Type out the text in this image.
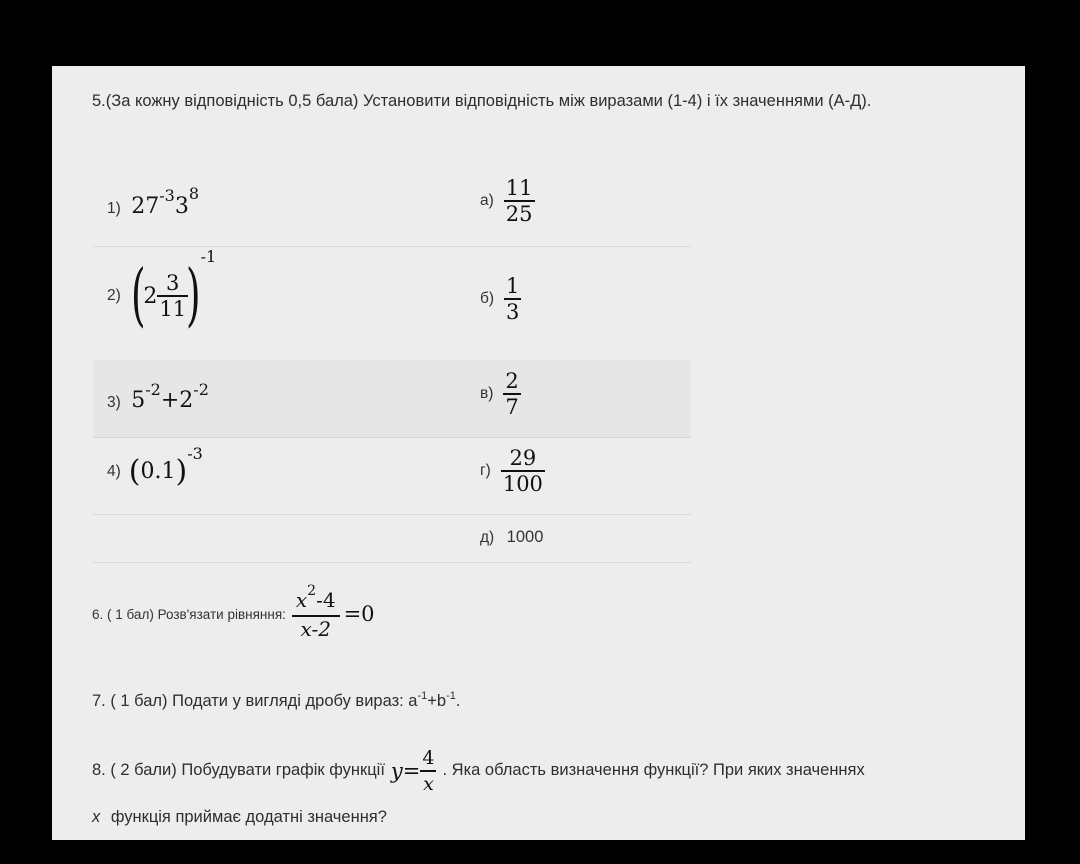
5.(За кожну відповідність 0,5 бала) Установити відповідність між виразами (1-4) і їх значеннями (А-Д).
1) 27-338	$а) \frac{11}{25}$
2) (
$2 \frac{3}{11}$
) -1
$б) \frac{1}{3}$
3) 5-2+2-2	$в) \frac{2}{7}$
4) ( 0.1 )
-3
$г) \frac{29}{100}$
д) 1000
6. ( 1 бал) Розв'язати рівняння: $\frac{x^2-4}{x-2} =0$
7. ( 1 бал) Подати у вигляді дробу вираз: $a^{-1}+b^{-1}$.
8. ( 2 бали) Побудувати графік функції $y = \frac{4}{x}$ . Яка область визначення функції? При яких значеннях
x функція приймає додатні значення?
